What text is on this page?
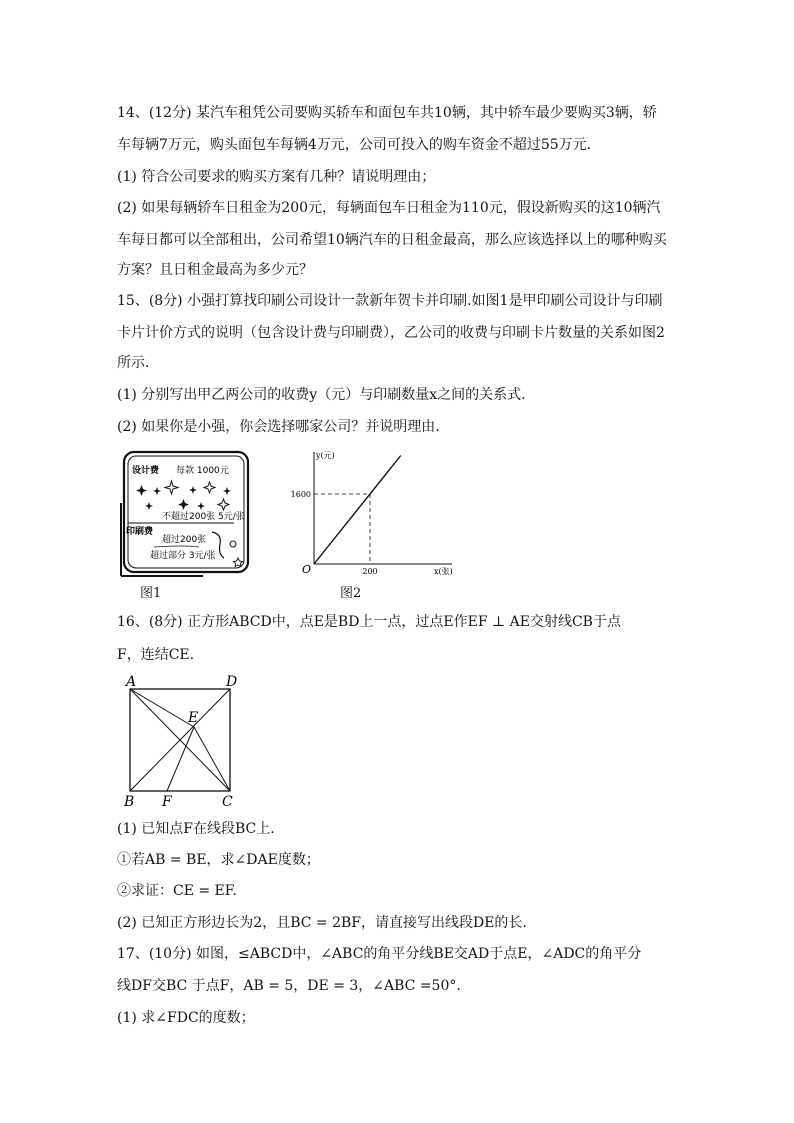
14、(12分) 某汽车租凭公司要购买轿车和面包车共10辆，其中轿车最少要购买3辆，轿
车每辆7万元，购头面包车每辆4万元，公司可投入的购车资金不超过55万元.
(1) 符合公司要求的购买方案有几种？请说明理由；
(2) 如果每辆轿车日租金为200元，每辆面包车日租金为110元，假设新购买的这10辆汽
车每日都可以全部租出，公司希望10辆汽车的日租金最高，那么应该选择以上的哪种购买
方案？且日租金最高为多少元？
15、(8分) 小强打算找印刷公司设计一款新年贺卡并印刷.如图1是甲印刷公司设计与印刷
卡片计价方式的说明（包含设计费与印刷费），乙公司的收费与印刷卡片数量的关系如图2
所示.
(1) 分别写出甲乙两公司的收费y（元）与印刷数量x之间的关系式.
(2) 如果你是小强，你会选择哪家公司？并说明理由.
设计费 每款 1000元
不超过200张 5元/张
印刷费
超过200张
超过部分 3元/张
图1
y(元)
x(张)
O
1600
200
图2
16、(8分) 正方形ABCD中，点E是BD上一点，过点E作EF ⊥ AE交射线CB于点
F，连结CE.
A	D
E
B F	C
(1) 已知点F在线段BC上.
①若AB = BE，求∠DAE度数；
②求证：CE = EF.
(2) 已知正方形边长为2，且BC = 2BF，请直接写出线段DE的长.
17、(10分) 如图，≤ABCD中，∠ABC的角平分线BE交AD于点E，∠ADC的角平分
线DF交BC 于点F，AB = 5，DE = 3，∠ABC =50°.
(1) 求∠FDC的度数；
